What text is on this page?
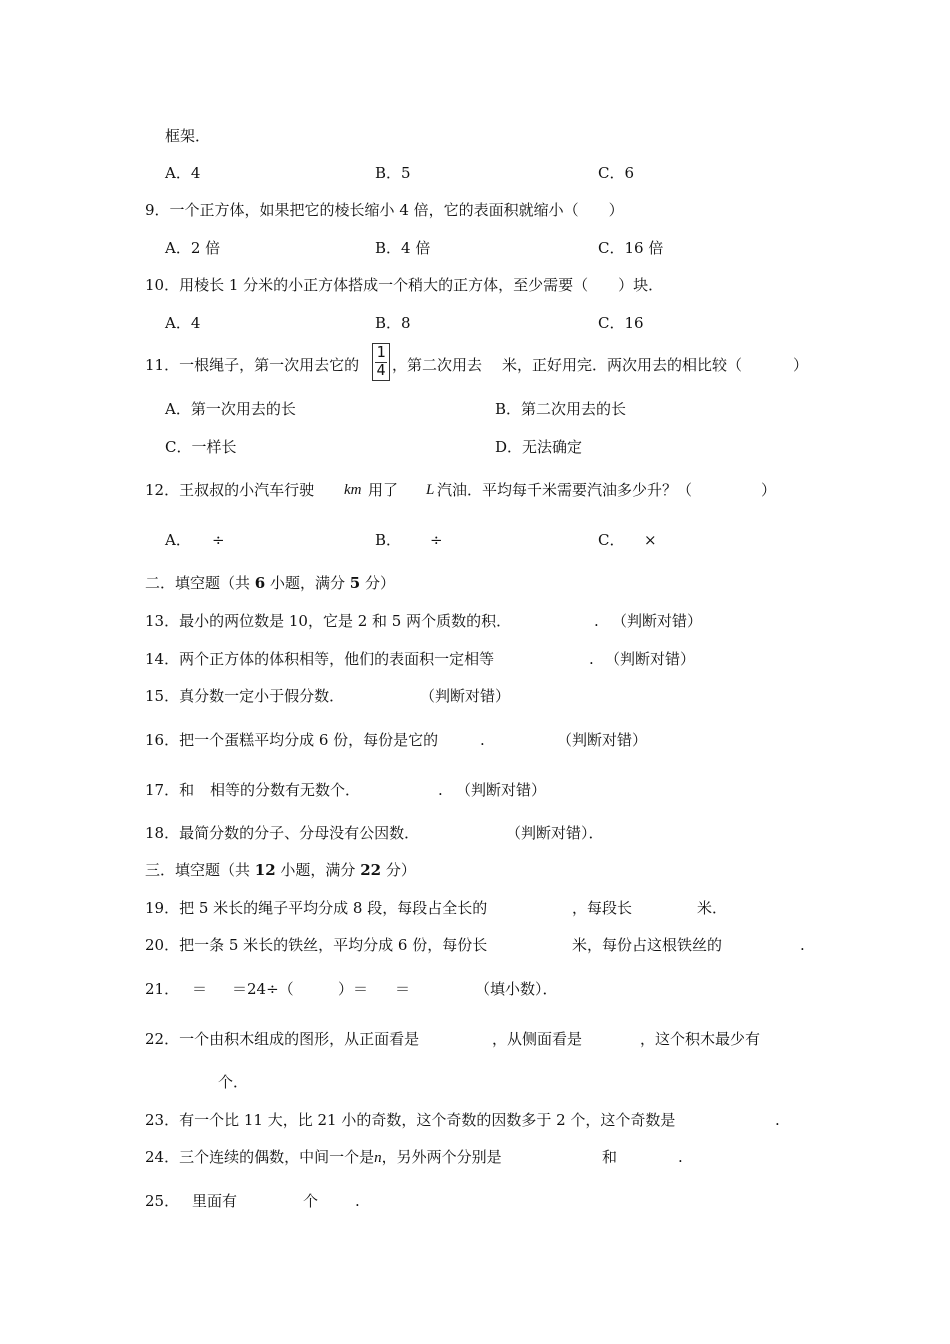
框架．
A．4	B．5	C．6
9．一个正方体，如果把它的棱长缩小 4 倍，它的表面积就缩小（　　）
A．2 倍	B．4 倍	C．16 倍
10．用棱长 1 分米的小正方体搭成一个稍大的正方体，至少需要（　　）块．
A．4	B．8	C．16
11．一根绳子，第一次用去它的
1
4 ，第二次用去 米，正好用完．两次用去的相比较（	）
A．第一次用去的长	B．第二次用去的长
C．一样长	D．无法确定
12．王叔叔的小汽车行驶 km 用了 L 汽油．平均每千米需要汽油多少升？（	）
A． ÷	B． ÷	C． ×
二．填空题（共 6 小题，满分 5 分）
13．最小的两位数是 10，它是 2 和 5 两个质数的积．	. （判断对错）
14．两个正方体的体积相等，他们的表面积一定相等	. （判断对错）
15．真分数一定小于假分数．	（判断对错）
16．把一个蛋糕平均分成 6 份，每份是它的	.	（判断对错）
17．和 相等的分数有无数个．	. （判断对错）
18．最简分数的分子、分母没有公因数．	（判断对错）．
三．填空题（共 12 小题，满分 22 分）
19．把 5 米长的绳子平均分成 8 段，每段占全长的	，每段长	米．
20．把一条 5 米长的铁丝，平均分成 6 份，每份长	米，每份占这根铁丝的	.
21． ＝ ＝24÷（	）＝ ＝	（填小数）．
22．一个由积木组成的图形，从正面看是	，从侧面看是	，这个积木最少有
个．
23．有一个比 11 大，比 21 小的奇数，这个奇数的因数多于 2 个，这个奇数是	.
24．三个连续的偶数，中间一个是n，另外两个分别是	和	.
25． 里面有	个 .
